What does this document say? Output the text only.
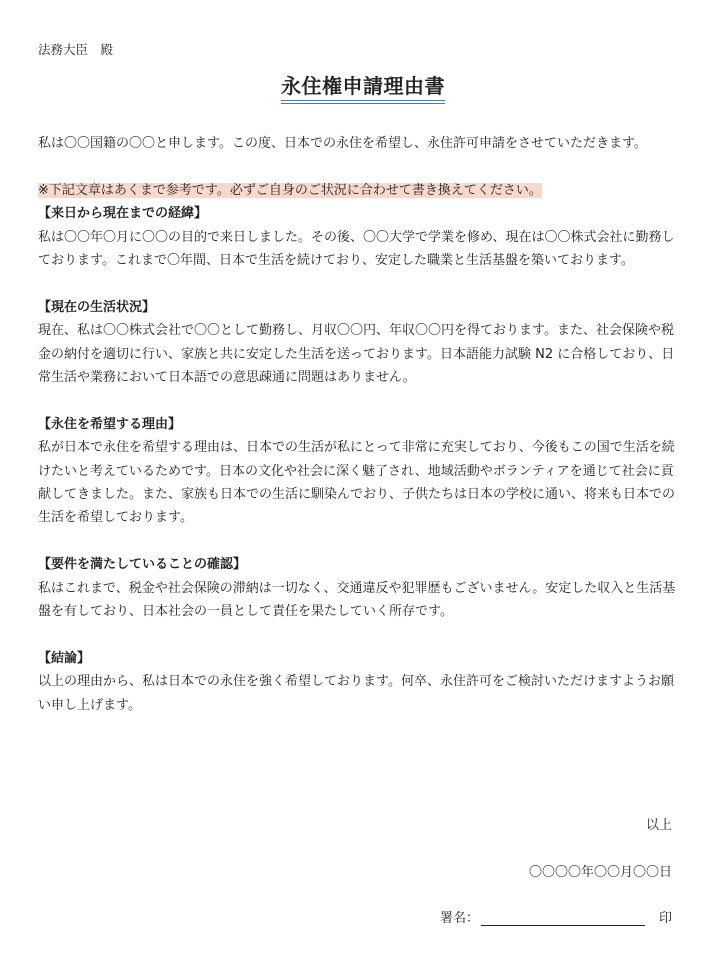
法務大臣　殿
永住権申請理由書

私は〇〇国籍の〇〇と申します。この度、日本での永住を希望し、永住許可申請をさせていただきます。

※下記文章はあくまで参考です。必ずご自身のご状況に合わせて書き換えてください。

【来日から現在までの経緯】

私は〇〇年〇月に〇〇の目的で来日しました。その後、〇〇大学で学業を修め、現在は〇〇株式会社に勤務しております。これまで〇年間、日本で生活を続けており、安定した職業と生活基盤を築いております。

【現在の生活状況】

現在、私は〇〇株式会社で〇〇として勤務し、月収〇〇円、年収〇〇円を得ております。また、社会保険や税金の納付を適切に行い、家族と共に安定した生活を送っております。日本語能力試験 N2 に合格しており、日常生活や業務において日本語での意思疎通に問題はありません。

【永住を希望する理由】

私が日本で永住を希望する理由は、日本での生活が私にとって非常に充実しており、今後もこの国で生活を続けたいと考えているためです。日本の文化や社会に深く魅了され、地域活動やボランティアを通じて社会に貢献してきました。また、家族も日本での生活に馴染んでおり、子供たちは日本の学校に通い、将来も日本での生活を希望しております。

【要件を満たしていることの確認】

私はこれまで、税金や社会保険の滞納は一切なく、交通違反や犯罪歴もございません。安定した収入と生活基盤を有しており、日本社会の一員として責任を果たしていく所存です。

【結論】

以上の理由から、私は日本での永住を強く希望しております。何卒、永住許可をご検討いただけますようお願い申し上げます。

以上
〇〇〇〇年〇〇月〇〇日
署名：	印
